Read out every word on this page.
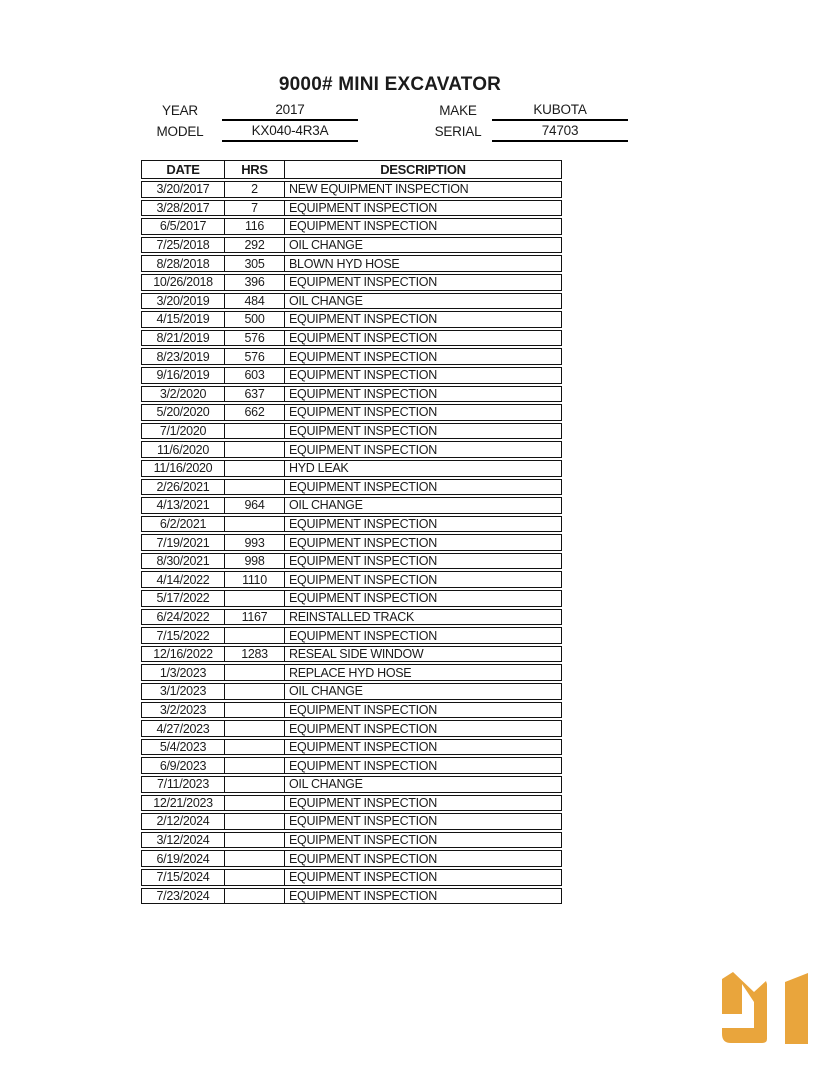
9000# MINI EXCAVATOR
YEAR	2017	MAKE	KUBOTA
MODEL	KX040-4R3A	SERIAL	74703
DATE	HRS	DESCRIPTION
3/20/2017	2	NEW EQUIPMENT INSPECTION
3/28/2017	7	EQUIPMENT INSPECTION
6/5/2017	116	EQUIPMENT INSPECTION
7/25/2018	292	OIL CHANGE
8/28/2018	305	BLOWN HYD HOSE
10/26/2018	396	EQUIPMENT INSPECTION
3/20/2019	484	OIL CHANGE
4/15/2019	500	EQUIPMENT INSPECTION
8/21/2019	576	EQUIPMENT INSPECTION
8/23/2019	576	EQUIPMENT INSPECTION
9/16/2019	603	EQUIPMENT INSPECTION
3/2/2020	637	EQUIPMENT INSPECTION
5/20/2020	662	EQUIPMENT INSPECTION
7/1/2020		EQUIPMENT INSPECTION
11/6/2020		EQUIPMENT INSPECTION
11/16/2020		HYD LEAK
2/26/2021		EQUIPMENT INSPECTION
4/13/2021	964	OIL CHANGE
6/2/2021		EQUIPMENT INSPECTION
7/19/2021	993	EQUIPMENT INSPECTION
8/30/2021	998	EQUIPMENT INSPECTION
4/14/2022	1110	EQUIPMENT INSPECTION
5/17/2022		EQUIPMENT INSPECTION
6/24/2022	1167	REINSTALLED TRACK
7/15/2022		EQUIPMENT INSPECTION
12/16/2022	1283	RESEAL SIDE WINDOW
1/3/2023		REPLACE HYD HOSE
3/1/2023		OIL CHANGE
3/2/2023		EQUIPMENT INSPECTION
4/27/2023		EQUIPMENT INSPECTION
5/4/2023		EQUIPMENT INSPECTION
6/9/2023		EQUIPMENT INSPECTION
7/11/2023		OIL CHANGE
12/21/2023		EQUIPMENT INSPECTION
2/12/2024		EQUIPMENT INSPECTION
3/12/2024		EQUIPMENT INSPECTION
6/19/2024		EQUIPMENT INSPECTION
7/15/2024		EQUIPMENT INSPECTION
7/23/2024		EQUIPMENT INSPECTION
